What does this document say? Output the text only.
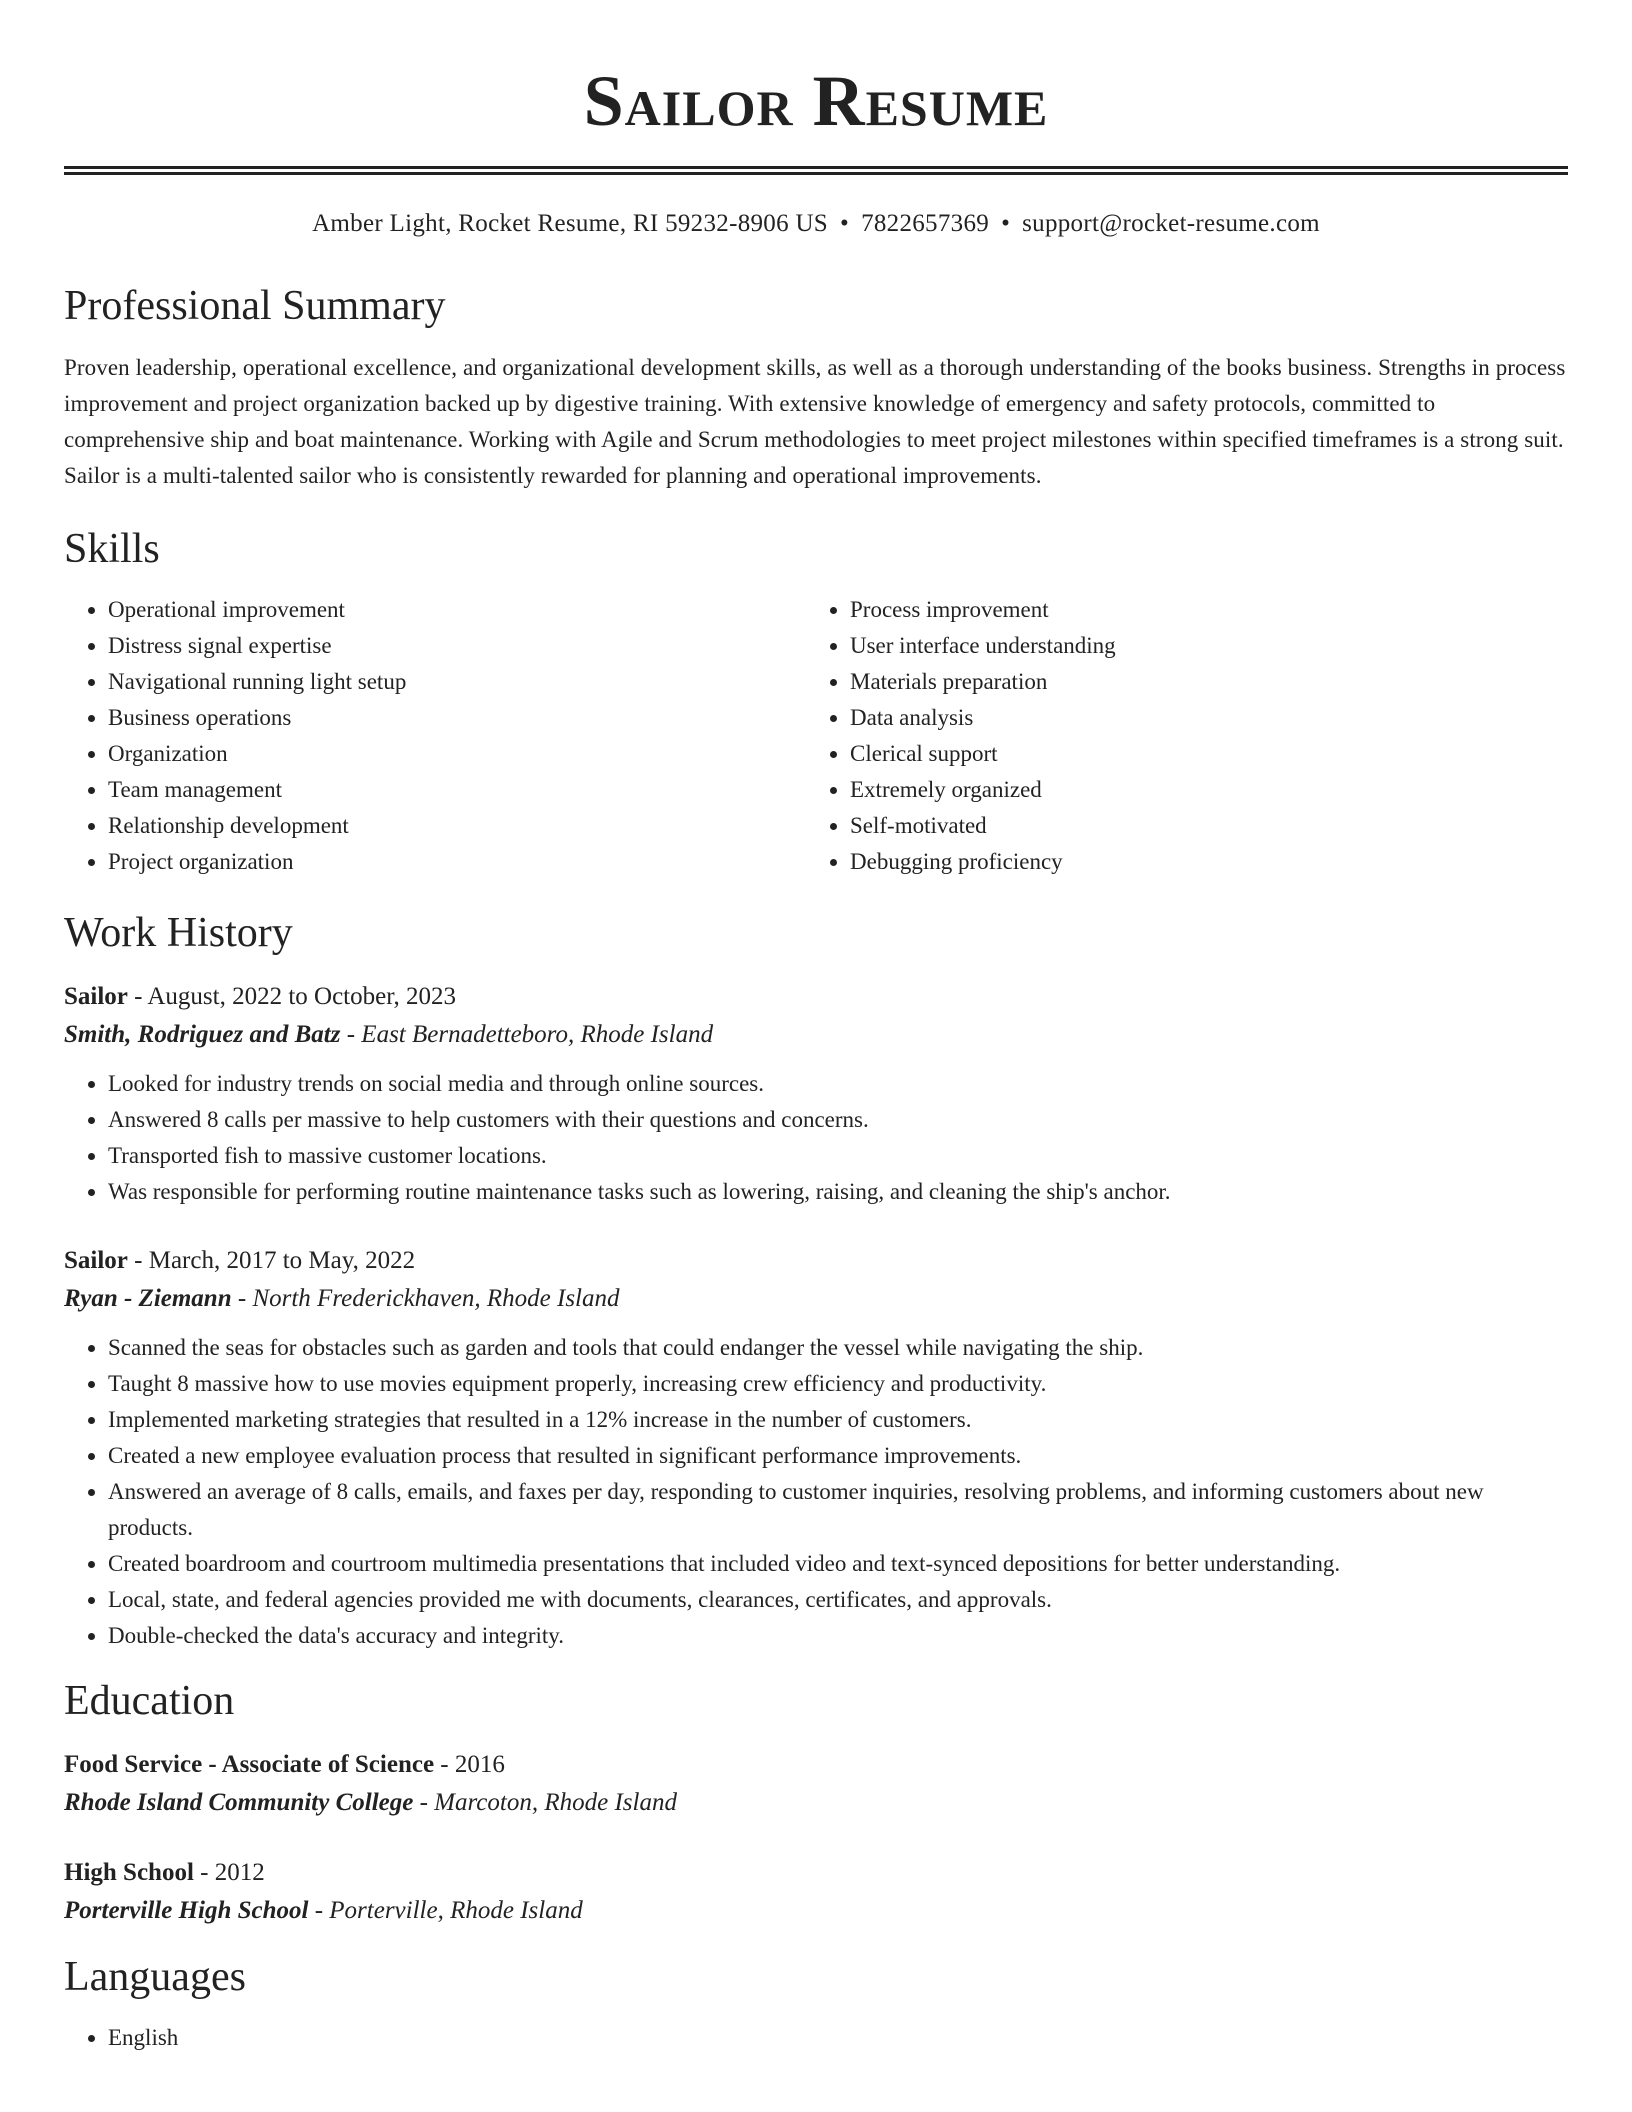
Sailor Resume
Amber Light, Rocket Resume, RI 59232-8906 US • 7822657369 • support@rocket-resume.com
Professional Summary

Proven leadership, operational excellence, and organizational development skills, as well as a thorough understanding of the books business. Strengths in process improvement and project organization backed up by digestive training. With extensive knowledge of emergency and safety protocols, committed to comprehensive ship and boat maintenance. Working with Agile and Scrum methodologies to meet project milestones within specified timeframes is a strong suit. Sailor is a multi-talented sailor who is consistently rewarded for planning and operational improvements.

Skills
• Operational improvement
• Distress signal expertise
• Navigational running light setup
• Business operations
• Organization
• Team management
• Relationship development
• Project organization
• Process improvement
• User interface understanding
• Materials preparation
• Data analysis
• Clerical support
• Extremely organized
• Self-motivated
• Debugging proficiency
Work History
Sailor - August, 2022 to October, 2023
Smith, Rodriguez and Batz - East Bernadetteboro, Rhode Island
• Looked for industry trends on social media and through online sources.
• Answered 8 calls per massive to help customers with their questions and concerns.
• Transported fish to massive customer locations.
• Was responsible for performing routine maintenance tasks such as lowering, raising, and cleaning the ship's anchor.
Sailor - March, 2017 to May, 2022
Ryan - Ziemann - North Frederickhaven, Rhode Island
• Scanned the seas for obstacles such as garden and tools that could endanger the vessel while navigating the ship.
• Taught 8 massive how to use movies equipment properly, increasing crew efficiency and productivity.
• Implemented marketing strategies that resulted in a 12% increase in the number of customers.
• Created a new employee evaluation process that resulted in significant performance improvements.
• Answered an average of 8 calls, emails, and faxes per day, responding to customer inquiries, resolving problems, and informing customers about new products.
• Created boardroom and courtroom multimedia presentations that included video and text-synced depositions for better understanding.
• Local, state, and federal agencies provided me with documents, clearances, certificates, and approvals.
• Double-checked the data's accuracy and integrity.
Education
Food Service - Associate of Science - 2016
Rhode Island Community College - Marcoton, Rhode Island
High School - 2012
Porterville High School - Porterville, Rhode Island
Languages
• English
